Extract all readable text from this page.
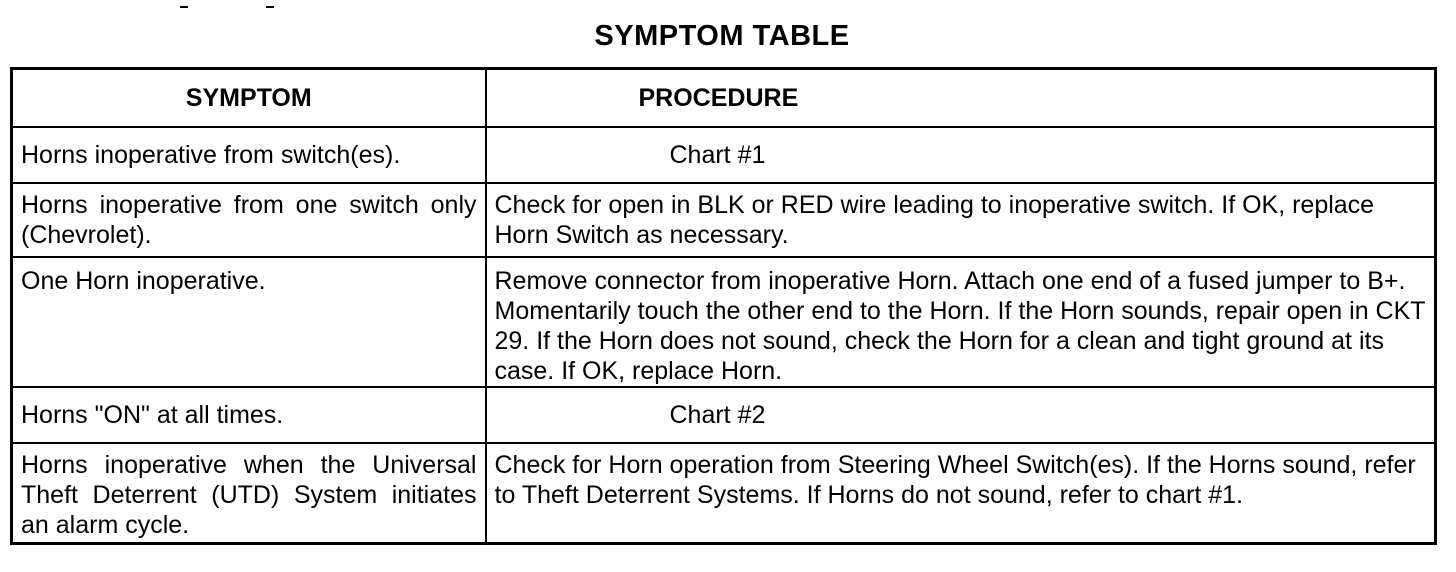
SYMPTOM TABLE
SYMPTOM	PROCEDURE
Horns inoperative from switch(es).	Chart #1
Horns inoperative from one switch only (Chevrolet).	Check for open in BLK or RED wire leading to inoperative switch. If OK, replace Horn Switch as necessary.
One Horn inoperative.	Remove connector from inoperative Horn. Attach one end of a fused jumper to B+. Momentarily touch the other end to the Horn. If the Horn sounds, repair open in CKT 29. If the Horn does not sound, check the Horn for a clean and tight ground at its case. If OK, replace Horn.
Horns "ON" at all times.	Chart #2
Horns inoperative when the Universal Theft Deterrent (UTD) System initiates an alarm cycle.	Check for Horn operation from Steering Wheel Switch(es). If the Horns sound, refer to Theft Deterrent Systems. If Horns do not sound, refer to chart #1.
